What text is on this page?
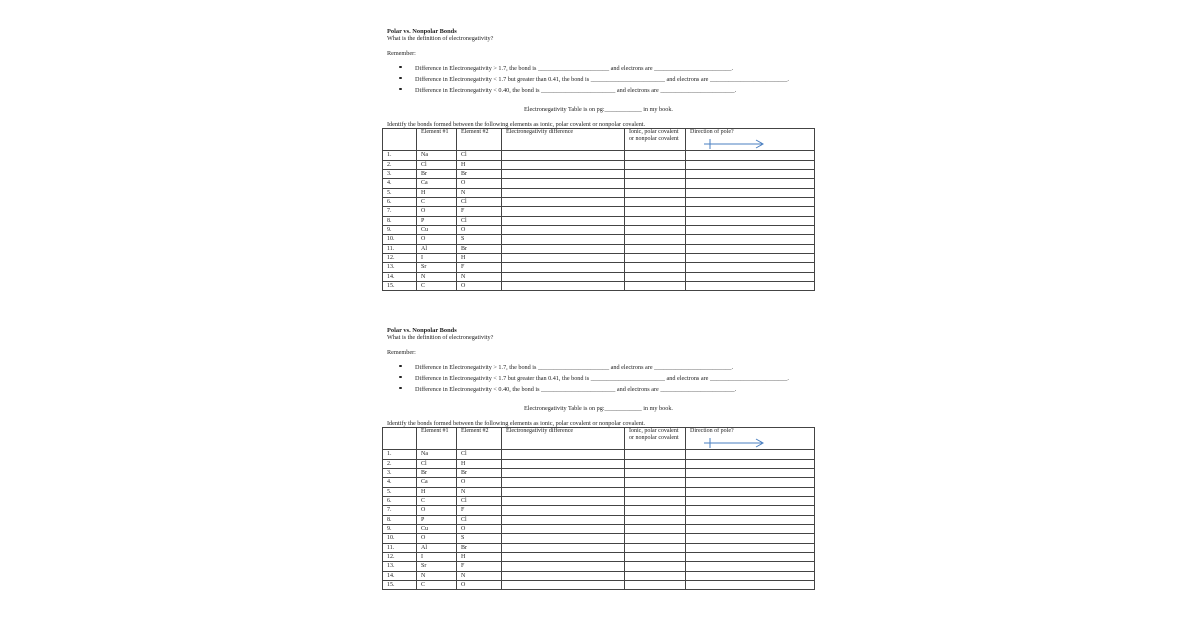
Polar vs. Nonpolar Bonds
What is the definition of electronegativity?
Remember:
Difference in Electronegativity > 1.7, the bond is _______________________ and electrons are _________________________.
Difference in Electronegativity < 1.7 but greater than 0.41, the bond is ________________________ and electrons are _________________________.
Difference in Electronegativity < 0.40, the bond is ________________________ and electrons are ________________________.
Electronegativity Table is on pg:____________ in my book.
Identify the bonds formed between the following elements as ionic, polar covalent or nonpolar covalent.
	Element #1	Element #2	Electronegativity difference	Ionic, polar covalent or nonpolar covalent	Direction of pole?

1.	Na	Cl			
2.	Cl	H			
3.	Br	Br			
4.	Ca	O			
5.	H	N			
6.	C	Cl			
7.	O	F			
8.	P	Cl			
9.	Cu	O			
10.	O	S			
11.	Al	Br			
12.	I	H			
13.	Sr	F			
14.	N	N			
15.	C	O			
Polar vs. Nonpolar Bonds
What is the definition of electronegativity?
Remember:
Difference in Electronegativity > 1.7, the bond is _______________________ and electrons are _________________________.
Difference in Electronegativity < 1.7 but greater than 0.41, the bond is ________________________ and electrons are _________________________.
Difference in Electronegativity < 0.40, the bond is ________________________ and electrons are ________________________.
Electronegativity Table is on pg:____________ in my book.
Identify the bonds formed between the following elements as ionic, polar covalent or nonpolar covalent.
	Element #1	Element #2	Electronegativity difference	Ionic, polar covalent or nonpolar covalent	Direction of pole?

1.	Na	Cl			
2.	Cl	H			
3.	Br	Br			
4.	Ca	O			
5.	H	N			
6.	C	Cl			
7.	O	F			
8.	P	Cl			
9.	Cu	O			
10.	O	S			
11.	Al	Br			
12.	I	H			
13.	Sr	F			
14.	N	N			
15.	C	O			
